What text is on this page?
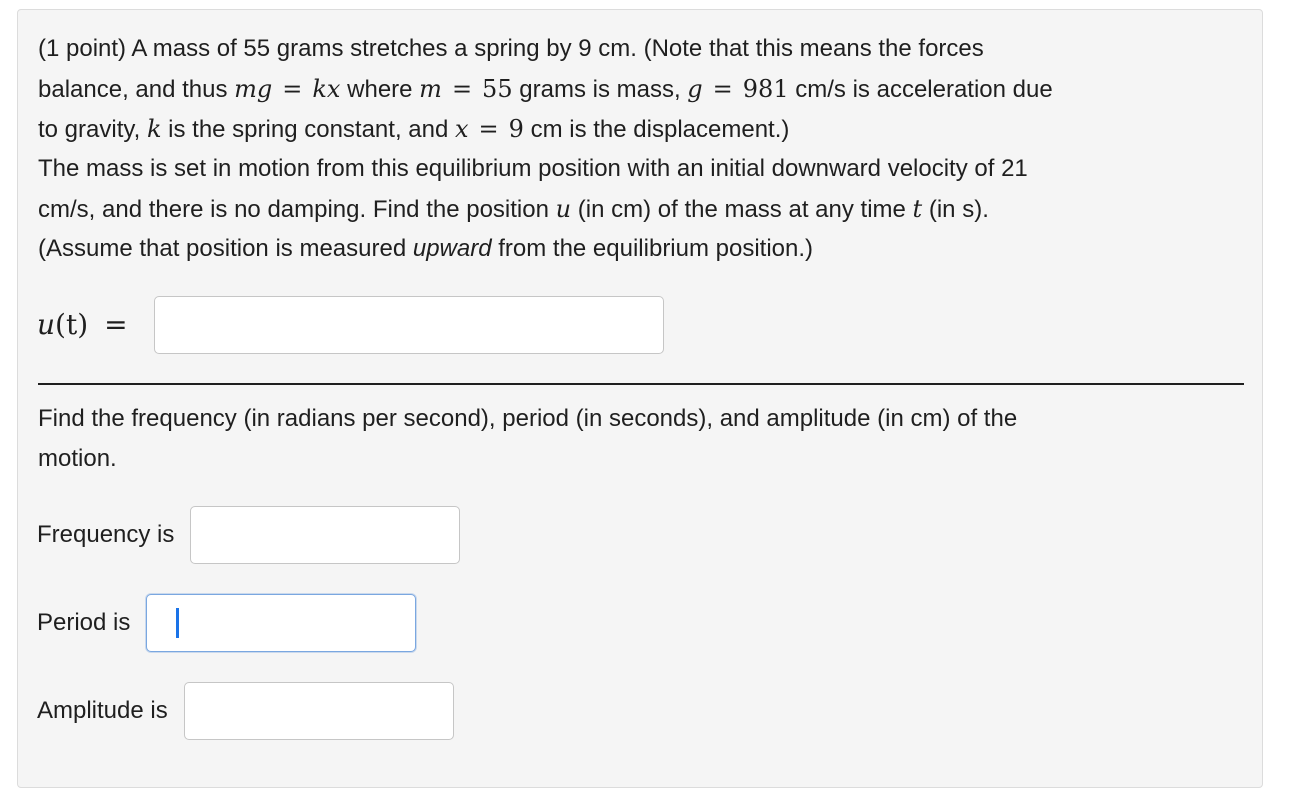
(1 point) A mass of 55 grams stretches a spring by 9 cm. (Note that this means the forces

balance, and thus mg = kx where m = 55 grams is mass, g = 981 cm/s is acceleration due

to gravity, k is the spring constant, and x = 9 cm is the displacement.)

The mass is set in motion from this equilibrium position with an initial downward velocity of 21

cm/s, and there is no damping. Find the position u (in cm) of the mass at any time t (in s).

(Assume that position is measured upward from the equilibrium position.)

u(t) =

Find the frequency (in radians per second), period (in seconds), and amplitude (in cm) of the

motion.

Frequency is
Period is
Amplitude is
